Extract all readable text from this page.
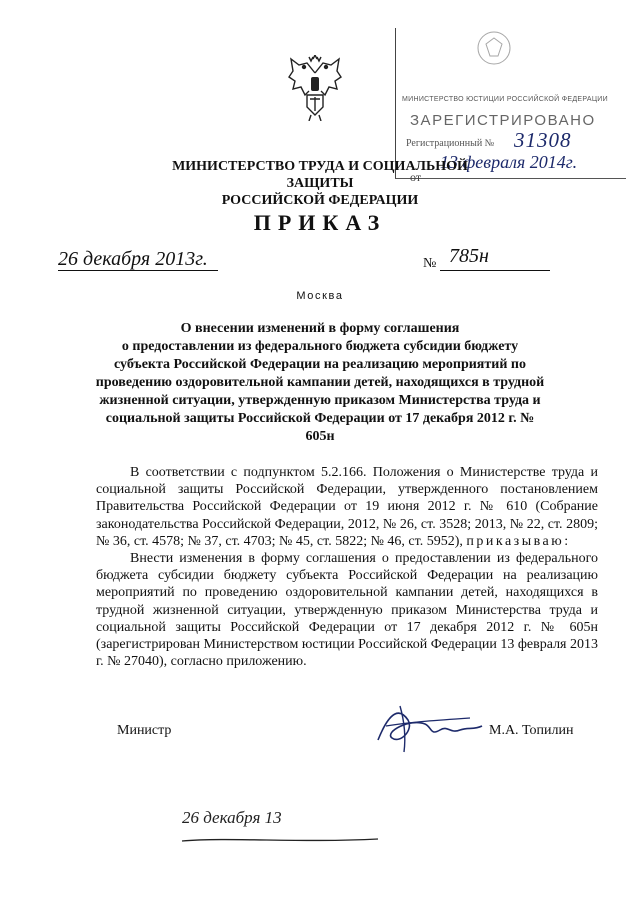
МИНИСТЕРСТВО ЮСТИЦИИ РОССИЙСКОЙ ФЕДЕРАЦИИ
ЗАРЕГИСТРИРОВАНО
Регистрационный № 31308
от
13 февраля 2014г.
МИНИСТЕРСТВО ТРУДА И СОЦИАЛЬНОЙ ЗАЩИТЫ
РОССИЙСКОЙ ФЕДЕРАЦИИ
ПРИКАЗ
26 декабря 2013г.	№ 785н
Москва
О внесении изменений в форму соглашения
о предоставлении из федерального бюджета субсидии бюджету
субъекта Российской Федерации на реализацию мероприятий по
проведению оздоровительной кампании детей, находящихся в трудной
жизненной ситуации, утвержденную приказом Министерства труда и
социальной защиты Российской Федерации от 17 декабря 2012 г. № 605н

В соответствии с подпунктом 5.2.166. Положения о Министерстве труда и социальной защиты Российской Федерации, утвержденного постановлением Правительства Российской Федерации от 19 июня 2012 г. № 610 (Собрание законодательства Российской Федерации, 2012, № 26, ст. 3528; 2013, № 22, ст. 2809; № 36, ст. 4578; № 37, ст. 4703; № 45, ст. 5822; № 46, ст. 5952), приказываю:

Внести изменения в форму соглашения о предоставлении из федерального бюджета субсидии бюджету субъекта Российской Федерации на реализацию мероприятий по проведению оздоровительной кампании детей, находящихся в трудной жизненной ситуации, утвержденную приказом Министерства труда и социальной защиты Российской Федерации от 17 декабря 2012 г. № 605н (зарегистрирован Министерством юстиции Российской Федерации 13 февраля 2013 г. № 27040), согласно приложению.

Министр	М.А. Топилин
26 декабря 13
